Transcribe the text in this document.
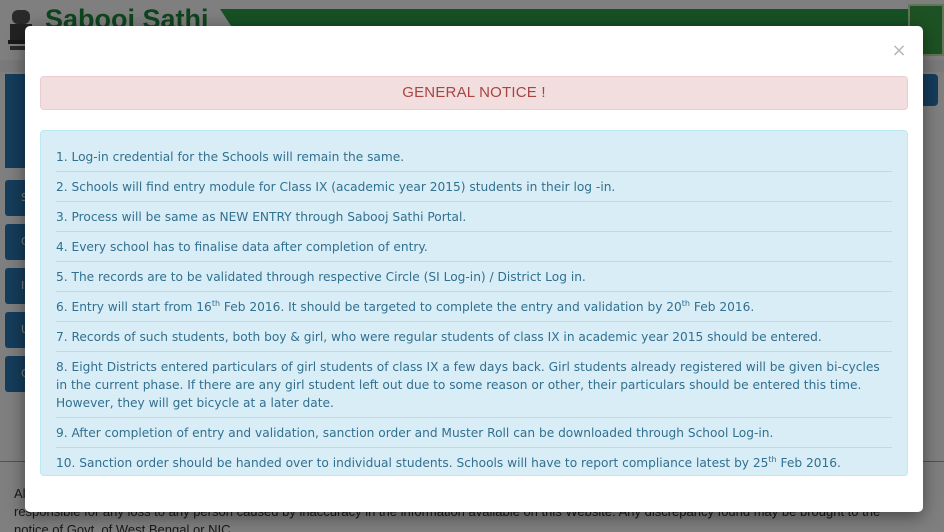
×
GENERAL NOTICE !
1. Log-in credential for the Schools will remain the same.
2. Schools will find entry module for Class IX (academic year 2015) students in their log -in.
3. Process will be same as NEW ENTRY through Sabooj Sathi Portal.
4. Every school has to finalise data after completion of entry.
5. The records are to be validated through respective Circle (SI Log-in) / District Log in.
6. Entry will start from 16th Feb 2016. It should be targeted to complete the entry and validation by 20th Feb 2016.
7. Records of such students, both boy & girl, who were regular students of class IX in academic year 2015 should be entered.
8. Eight Districts entered particulars of girl students of class IX a few days back. Girl students already registered will be given bi-cycles in the current phase. If there are any girl student left out due to some reason or other, their particulars should be entered this time. However, they will get bicycle at a later date.
9. After completion of entry and validation, sanction order and Muster Roll can be downloaded through School Log-in.
10. Sanction order should be handed over to individual students. Schools will have to report compliance latest by 25th Feb 2016.
